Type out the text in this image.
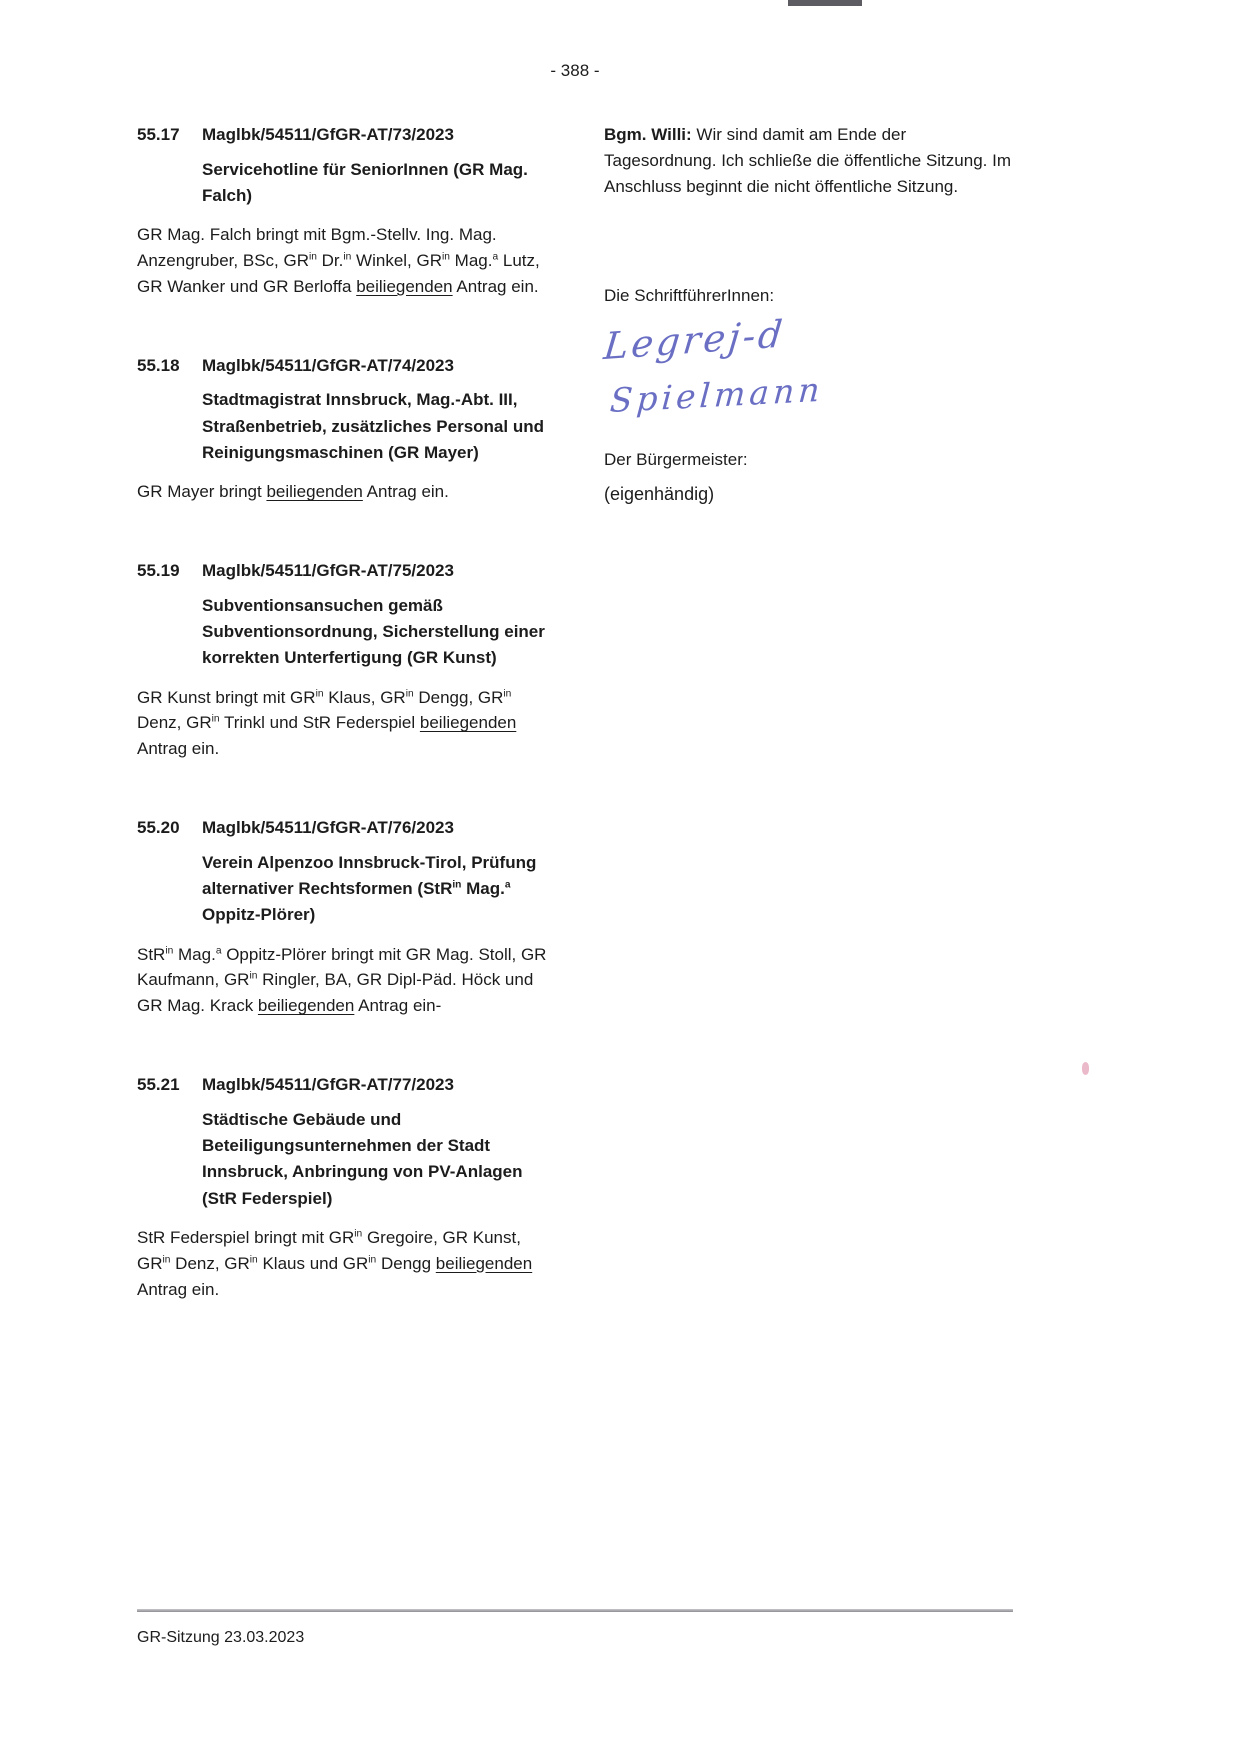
- 388 -
55.17	Maglbk/54511/GfGR-AT/73/2023
Servicehotline für SeniorInnen (GR Mag. Falch)

GR Mag. Falch bringt mit Bgm.-Stellv. Ing. Mag. Anzengruber, BSc, $GR^{in}$ Dr.$^{in}$ Winkel, $GR^{in}$ Mag.$^a$ Lutz, GR Wanker und GR Berloffa beiliegenden Antrag ein.

55.18	Maglbk/54511/GfGR-AT/74/2023
Stadtmagistrat Innsbruck, Mag.-Abt. III, Straßenbetrieb, zusätzliches Personal und Reinigungsmaschinen (GR Mayer)

GR Mayer bringt beiliegenden Antrag ein.

55.19	Maglbk/54511/GfGR-AT/75/2023
Subventionsansuchen gemäß Subventionsordnung, Sicherstellung einer korrekten Unterfertigung (GR Kunst)

GR Kunst bringt mit $GR^{in}$ Klaus, $GR^{in}$ Dengg, $GR^{in}$ Denz, $GR^{in}$ Trinkl und StR Federspiel beiliegenden Antrag ein.

55.20	Maglbk/54511/GfGR-AT/76/2023
Verein Alpenzoo Innsbruck-Tirol, Prüfung alternativer Rechtsformen (StR$^{in}$ Mag.$^a$ Oppitz-Plörer)

StR$^{in}$ Mag.$^a$ Oppitz-Plörer bringt mit GR Mag. Stoll, GR Kaufmann, $GR^{in}$ Ringler, BA, GR Dipl-Päd. Höck und GR Mag. Krack beiliegenden Antrag ein-

55.21	Maglbk/54511/GfGR-AT/77/2023
Städtische Gebäude und Beteiligungsunternehmen der Stadt Innsbruck, Anbringung von PV-Anlagen (StR Federspiel)

StR Federspiel bringt mit $GR^{in}$ Gregoire, GR Kunst, $GR^{in}$ Denz, $GR^{in}$ Klaus und $GR^{in}$ Dengg beiliegenden Antrag ein.

Bgm. Willi: Wir sind damit am Ende der Tagesordnung. Ich schließe die öffentliche Sitzung. Im Anschluss beginnt die nicht öffentliche Sitzung.

Die SchriftführerInnen:
Legrej-d
Spielmann
Der Bürgermeister:
(eigenhändig)
GR-Sitzung 23.03.2023
